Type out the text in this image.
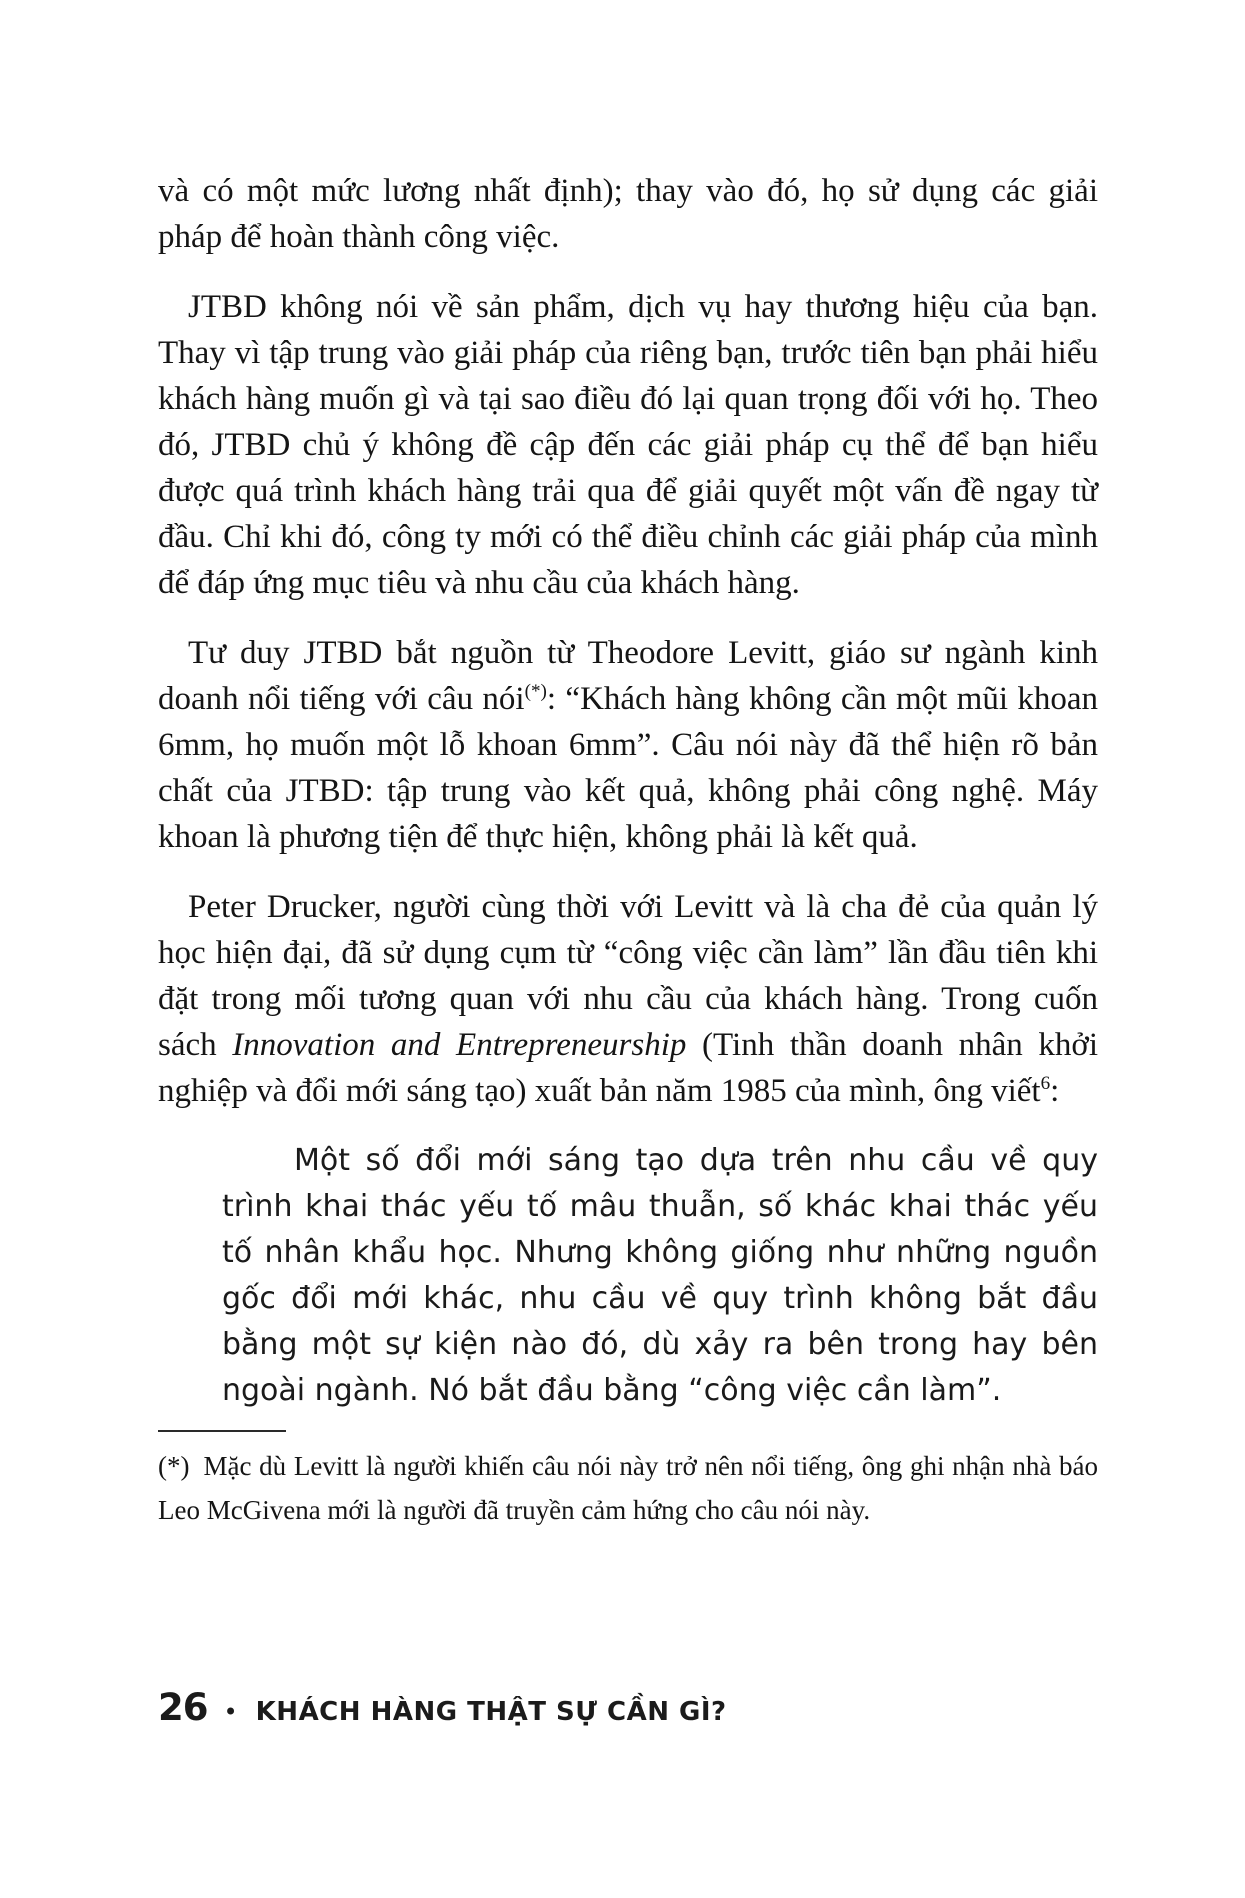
và có một mức lương nhất định); thay vào đó, họ sử dụng các giải pháp để hoàn thành công việc.

JTBD không nói về sản phẩm, dịch vụ hay thương hiệu của bạn. Thay vì tập trung vào giải pháp của riêng bạn, trước tiên bạn phải hiểu khách hàng muốn gì và tại sao điều đó lại quan trọng đối với họ. Theo đó, JTBD chủ ý không đề cập đến các giải pháp cụ thể để bạn hiểu được quá trình khách hàng trải qua để giải quyết một vấn đề ngay từ đầu. Chỉ khi đó, công ty mới có thể điều chỉnh các giải pháp của mình để đáp ứng mục tiêu và nhu cầu của khách hàng.

Tư duy JTBD bắt nguồn từ Theodore Levitt, giáo sư ngành kinh doanh nổi tiếng với câu nói(*): “Khách hàng không cần một mũi khoan 6mm, họ muốn một lỗ khoan 6mm”. Câu nói này đã thể hiện rõ bản chất của JTBD: tập trung vào kết quả, không phải công nghệ. Máy khoan là phương tiện để thực hiện, không phải là kết quả.

Peter Drucker, người cùng thời với Levitt và là cha đẻ của quản lý học hiện đại, đã sử dụng cụm từ “công việc cần làm” lần đầu tiên khi đặt trong mối tương quan với nhu cầu của khách hàng. Trong cuốn sách Innovation and Entrepreneurship (Tinh thần doanh nhân khởi nghiệp và đổi mới sáng tạo) xuất bản năm 1985 của mình, ông viết$^6$:

Một số đổi mới sáng tạo dựa trên nhu cầu về quy trình khai thác yếu tố mâu thuẫn, số khác khai thác yếu tố nhân khẩu học. Nhưng không giống như những nguồn gốc đổi mới khác, nhu cầu về quy trình không bắt đầu bằng một sự kiện nào đó, dù xảy ra bên trong hay bên ngoài ngành. Nó bắt đầu bằng “công việc cần làm”.

(*) Mặc dù Levitt là người khiến câu nói này trở nên nổi tiếng, ông ghi nhận nhà báo Leo McGivena mới là người đã truyền cảm hứng cho câu nói này.

26 • KHÁCH HÀNG THẬT SỰ CẦN GÌ?
